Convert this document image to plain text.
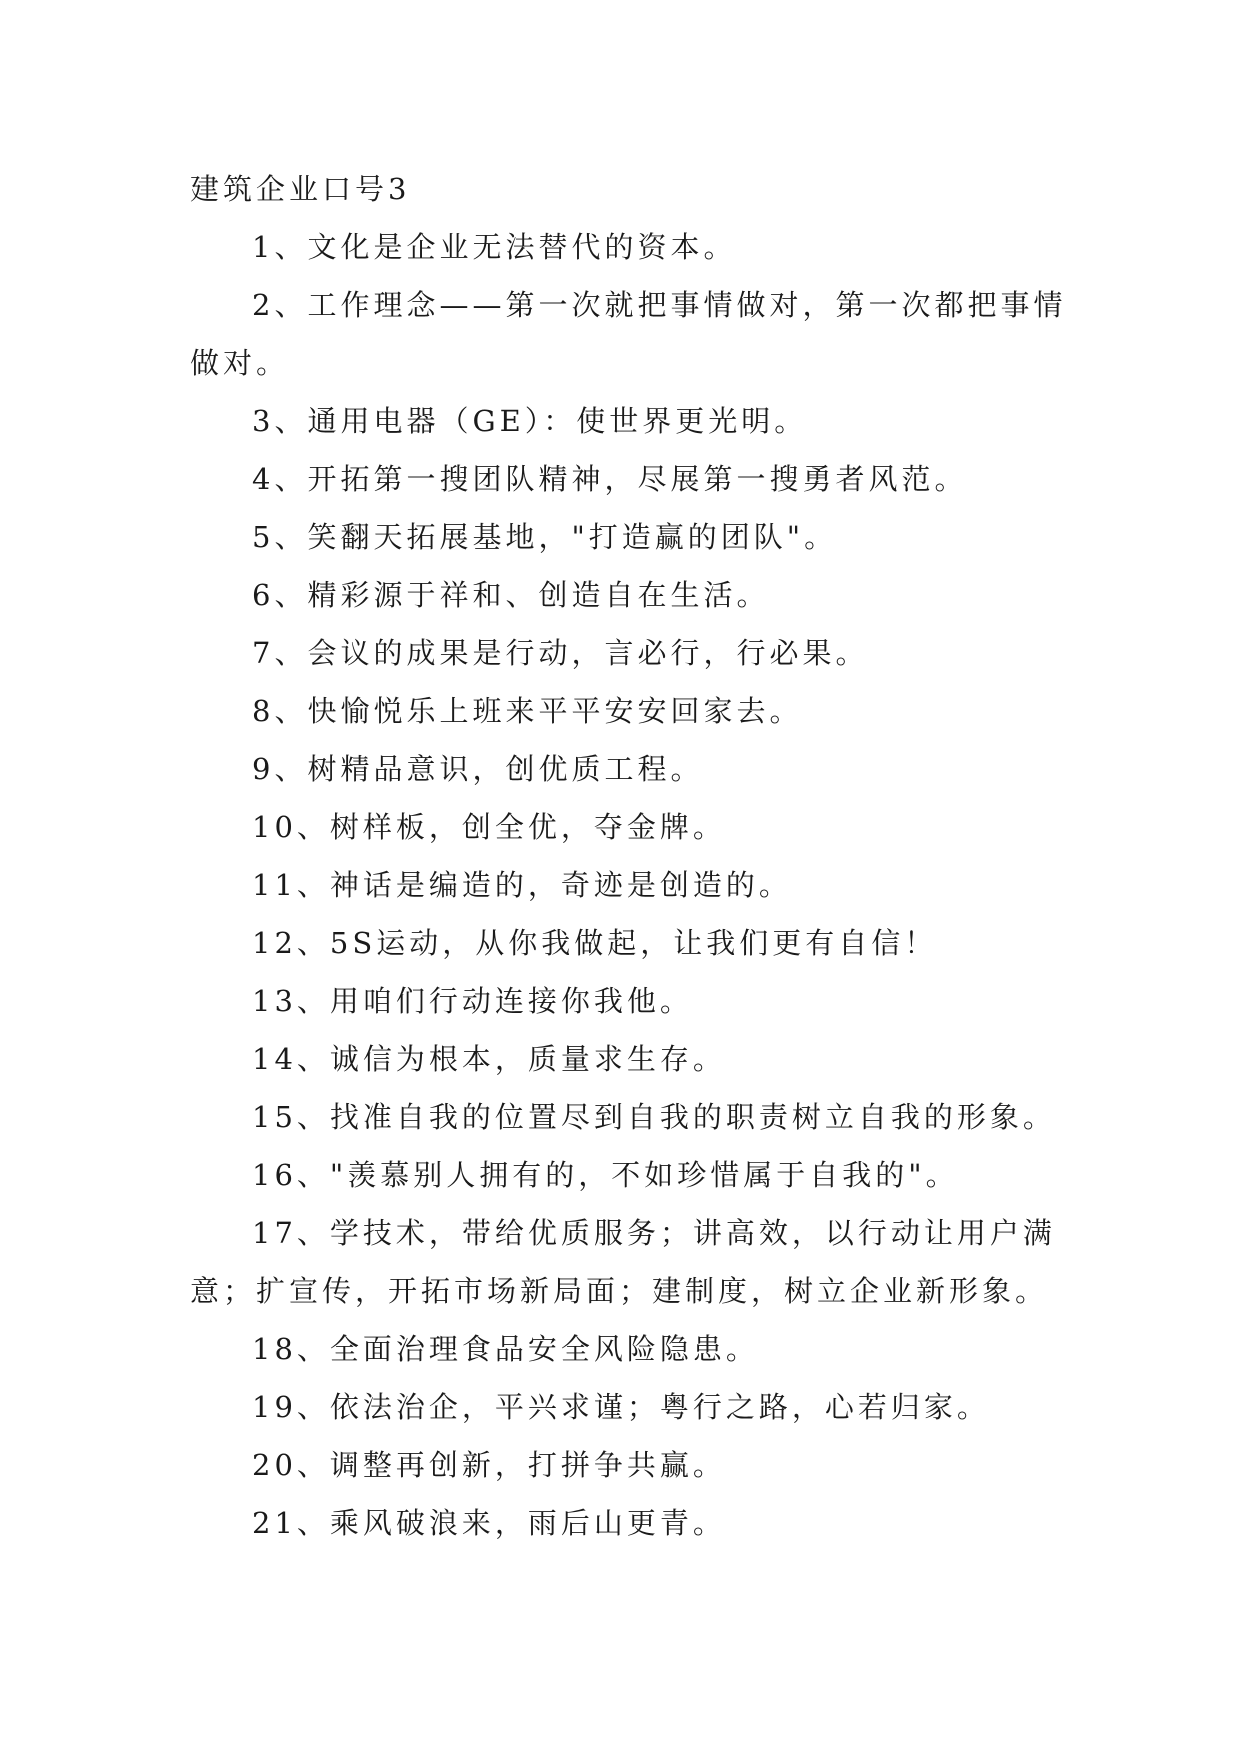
建筑企业口号3

1、文化是企业无法替代的资本。

2、工作理念——第一次就把事情做对，第一次都把事情做对。

3、通用电器（GE）：使世界更光明。

4、开拓第一搜团队精神，尽展第一搜勇者风范。

5、笑翻天拓展基地，"打造赢的团队"。

6、精彩源于祥和、创造自在生活。

7、会议的成果是行动，言必行，行必果。

8、快愉悦乐上班来平平安安回家去。

9、树精品意识，创优质工程。

10、树样板，创全优，夺金牌。

11、神话是编造的，奇迹是创造的。

12、5S运动，从你我做起，让我们更有自信！

13、用咱们行动连接你我他。

14、诚信为根本，质量求生存。

15、找准自我的位置尽到自我的职责树立自我的形象。

16、"羡慕别人拥有的，不如珍惜属于自我的"。

17、学技术，带给优质服务；讲高效，以行动让用户满意；扩宣传，开拓市场新局面；建制度，树立企业新形象。

18、全面治理食品安全风险隐患。

19、依法治企，平兴求谨；粤行之路，心若归家。

20、调整再创新，打拼争共赢。

21、乘风破浪来，雨后山更青。
